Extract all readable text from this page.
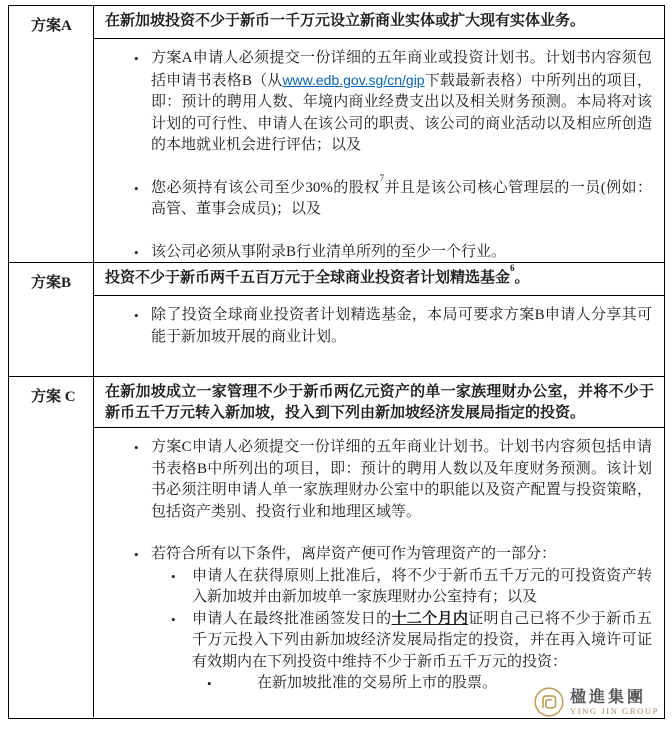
方案A	在新加坡投资不少于新币一千万元设立新商业实体或扩大现有实体业务。
• 方案A申请人必须提交一份详细的五年商业或投资计划书。计划书内容须包括申请书表格B（从www.edb.gov.sg/cn/gip下载最新表格）中所列出的项目，即：预计的聘用人数、年境内商业经费支出以及相关财务预测。本局将对该计划的可行性、申请人在该公司的职责、该公司的商业活动以及相应所创造的本地就业机会进行评估；以及
• 您必须持有该公司至少30%的股权$^7$并且是该公司核心管理层的一员(例如：高管、董事会成员)；以及
• 该公司必须从事附录B行业清单所列的至少一个行业。
方案B	投资不少于新币两千五百万元于全球商业投资者计划精选基金$^6$。
• 除了投资全球商业投资者计划精选基金，本局可要求方案B申请人分享其可能于新加坡开展的商业计划。
方案 C	在新加坡成立一家管理不少于新币两亿元资产的单一家族理财办公室，并将不少于新币五千万元转入新加坡，投入到下列由新加坡经济发展局指定的投资。
• 方案C申请人必须提交一份详细的五年商业计划书。计划书内容须包括申请书表格B中所列出的项目，即：预计的聘用人数以及年度财务预测。该计划书必须注明申请人单一家族理财办公室中的职能以及资产配置与投资策略，包括资产类别、投资行业和地理区域等。
• 若符合所有以下条件，离岸资产便可作为管理资产的一部分：
•	申请人在获得原则上批准后，将不少于新币五千万元的可投资资产转入新加坡并由新加坡单一家族理财办公室持有；以及
•	申请人在最终批准函签发日的十二个月内证明自己已将不少于新币五千万元投入下列由新加坡经济发展局指定的投资，并在再入境许可证有效期内在下列投资中维持不少于新币五千万元的投资：
•	在新加坡批准的交易所上市的股票。
楹進集團
YING JIN GROUP
